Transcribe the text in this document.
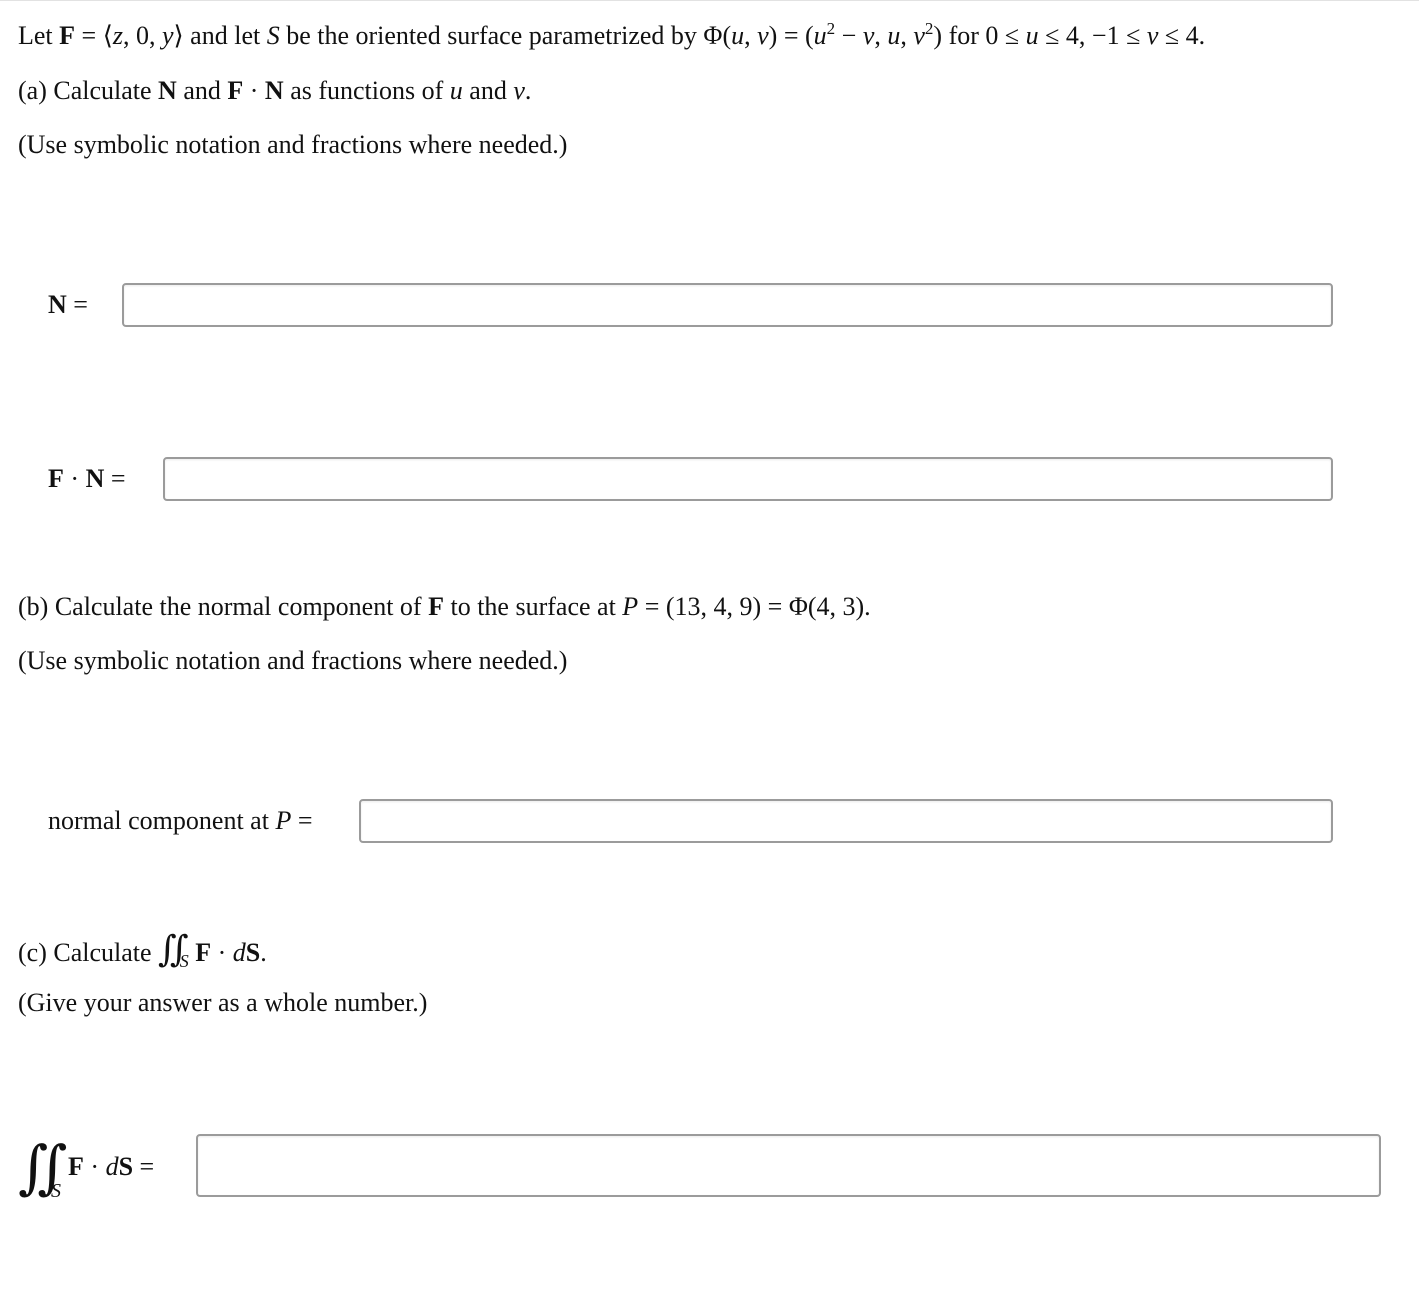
Let F = ⟨z, 0, y⟩ and let S be the oriented surface parametrized by Φ(u, $v) = (u^2 - v$, u, $v^2$) for 0 ≤ u ≤ 4, −1 ≤ v ≤ 4.
(a) Calculate N and F · N as functions of u and v.
(Use symbolic notation and fractions where needed.)
N =
F · N =
(b) Calculate the normal component of F to the surface at P = (13, 4, 9) = Φ(4, 3).
(Use symbolic notation and fractions where needed.)
normal component at P =
(c) Calculate $∬_S$ F · dS.
(Give your answer as a whole number.)
∬ S
F · dS =
